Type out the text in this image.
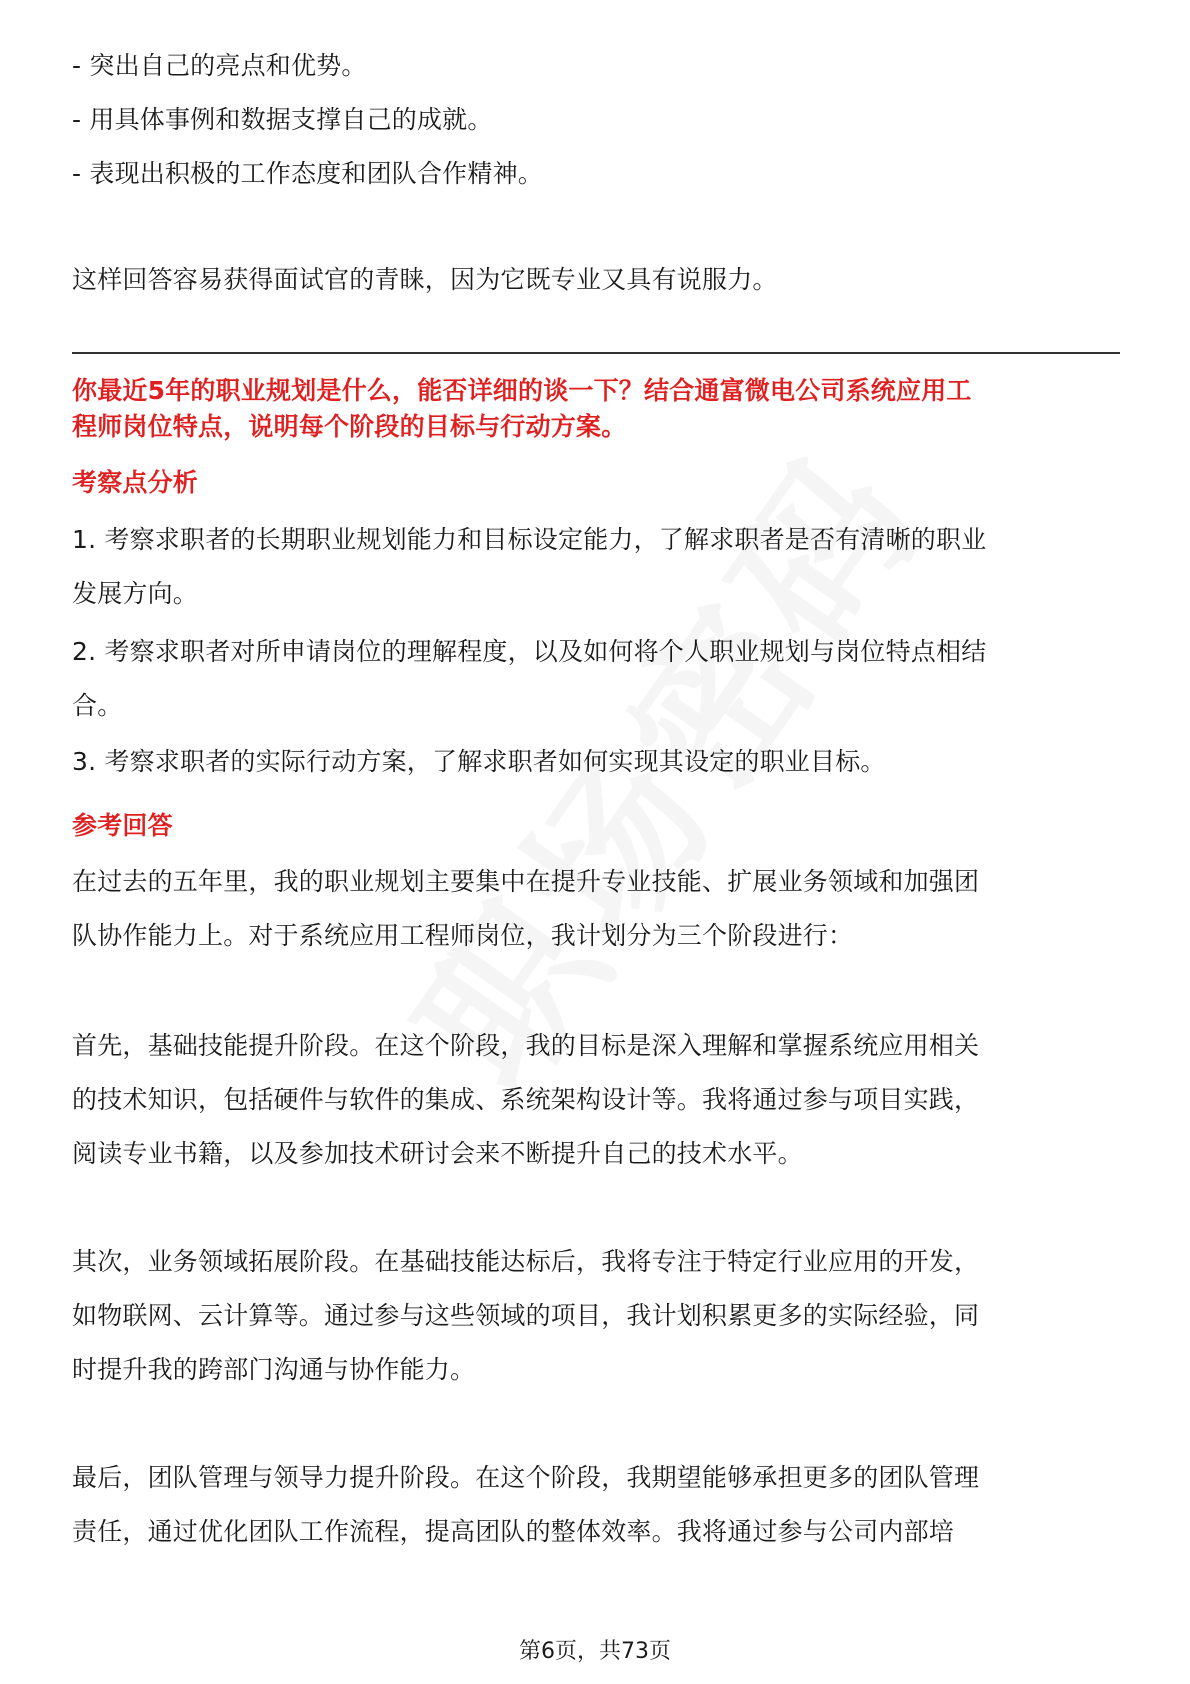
- 突出自己的亮点和优势。
- 用具体事例和数据支撑自己的成就。
- 表现出积极的工作态度和团队合作精神。
这样回答容易获得面试官的青睐，因为它既专业又具有说服力。
你最近5年的职业规划是什么，能否详细的谈一下？结合通富微电公司系统应用工
程师岗位特点，说明每个阶段的目标与行动方案。
考察点分析
1. 考察求职者的长期职业规划能力和目标设定能力，了解求职者是否有清晰的职业
发展方向。
2. 考察求职者对所申请岗位的理解程度，以及如何将个人职业规划与岗位特点相结
合。
3. 考察求职者的实际行动方案，了解求职者如何实现其设定的职业目标。
参考回答
在过去的五年里，我的职业规划主要集中在提升专业技能、扩展业务领域和加强团
队协作能力上。对于系统应用工程师岗位，我计划分为三个阶段进行：
首先，基础技能提升阶段。在这个阶段，我的目标是深入理解和掌握系统应用相关
的技术知识，包括硬件与软件的集成、系统架构设计等。我将通过参与项目实践，
阅读专业书籍，以及参加技术研讨会来不断提升自己的技术水平。
其次，业务领域拓展阶段。在基础技能达标后，我将专注于特定行业应用的开发，
如物联网、云计算等。通过参与这些领域的项目，我计划积累更多的实际经验，同
时提升我的跨部门沟通与协作能力。
最后，团队管理与领导力提升阶段。在这个阶段，我期望能够承担更多的团队管理
责任，通过优化团队工作流程，提高团队的整体效率。我将通过参与公司内部培
第6页，共73页
